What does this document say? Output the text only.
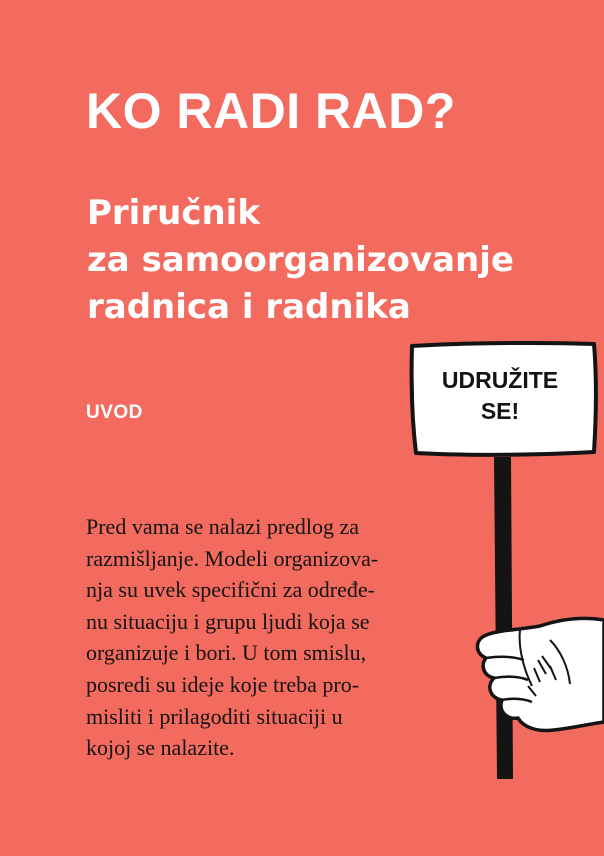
KO RADI RAD?
Priručnik
za samoorganizovanje
radnica i radnika
UVOD
Pred vama se nalazi predlog za
razmišljanje. Modeli organizova-
nja su uvek specifični za određe-
nu situaciju i grupu ljudi koja se
organizuje i bori. U tom smislu,
posredi su ideje koje treba pro-
misliti i prilagoditi situaciji u
kojoj se nalazite.
UDRUŽITE
SE!
